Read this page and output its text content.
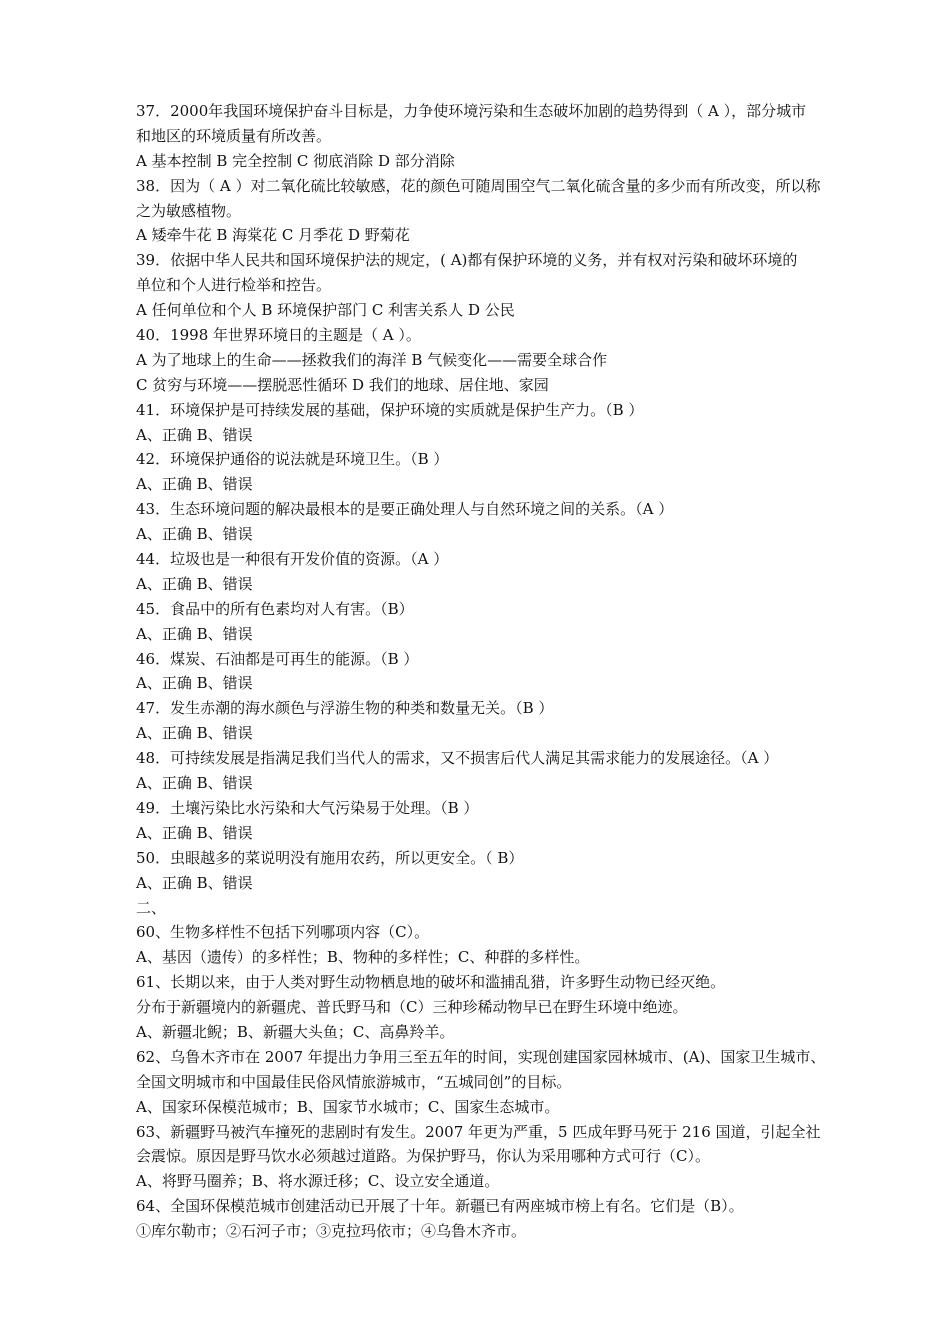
37．2000年我国环境保护奋斗目标是，力争使环境污染和生态破坏加剧的趋势得到（ A ），部分城市
和地区的环境质量有所改善。
A 基本控制 B 完全控制 C 彻底消除 D 部分消除
38．因为（ A ）对二氧化硫比较敏感，花的颜色可随周围空气二氧化硫含量的多少而有所改变，所以称
之为敏感植物。
A 矮牵牛花 B 海棠花 C 月季花 D 野菊花
39．依据中华人民共和国环境保护法的规定，( A)都有保护环境的义务，并有权对污染和破坏环境的
单位和个人进行检举和控告。
A 任何单位和个人 B 环境保护部门 C 利害关系人 D 公民
40．1998 年世界环境日的主题是（ A ）。
A 为了地球上的生命——拯救我们的海洋 B 气候变化——需要全球合作
C 贫穷与环境——摆脱恶性循环 D 我们的地球、居住地、家园
41．环境保护是可持续发展的基础，保护环境的实质就是保护生产力。（B ）
A、正确 B、错误
42．环境保护通俗的说法就是环境卫生。（B ）
A、正确 B、错误
43．生态环境问题的解决最根本的是要正确处理人与自然环境之间的关系。（A ）
A、正确 B、错误
44．垃圾也是一种很有开发价值的资源。（A ）
A、正确 B、错误
45．食品中的所有色素均对人有害。（B）
A、正确 B、错误
46．煤炭、石油都是可再生的能源。（B ）
A、正确 B、错误
47．发生赤潮的海水颜色与浮游生物的种类和数量无关。（B ）
A、正确 B、错误
48．可持续发展是指满足我们当代人的需求，又不损害后代人满足其需求能力的发展途径。（A ）
A、正确 B、错误
49．土壤污染比水污染和大气污染易于处理。（B ）
A、正确 B、错误
50．虫眼越多的菜说明没有施用农药，所以更安全。（ B）
A、正确 B、错误
二、
60、生物多样性不包括下列哪项内容（C）。
A、基因（遗传）的多样性；B、物种的多样性；C、种群的多样性。
61、长期以来，由于人类对野生动物栖息地的破坏和滥捕乱猎，许多野生动物已经灭绝。
分布于新疆境内的新疆虎、普氏野马和（C）三种珍稀动物早已在野生环境中绝迹。
A、新疆北鲵；B、新疆大头鱼；C、高鼻羚羊。
62、乌鲁木齐市在 2007 年提出力争用三至五年的时间，实现创建国家园林城市、(A)、国家卫生城市、
全国文明城市和中国最佳民俗风情旅游城市，“五城同创”的目标。
A、国家环保模范城市；B、国家节水城市；C、国家生态城市。
63、新疆野马被汽车撞死的悲剧时有发生。2007 年更为严重，5 匹成年野马死于 216 国道，引起全社
会震惊。原因是野马饮水必须越过道路。为保护野马，你认为采用哪种方式可行（C）。
A、将野马圈养；B、将水源迁移；C、设立安全通道。
64、全国环保模范城市创建活动已开展了十年。新疆已有两座城市榜上有名。它们是（B）。
①库尔勒市；②石河子市；③克拉玛依市；④乌鲁木齐市。
